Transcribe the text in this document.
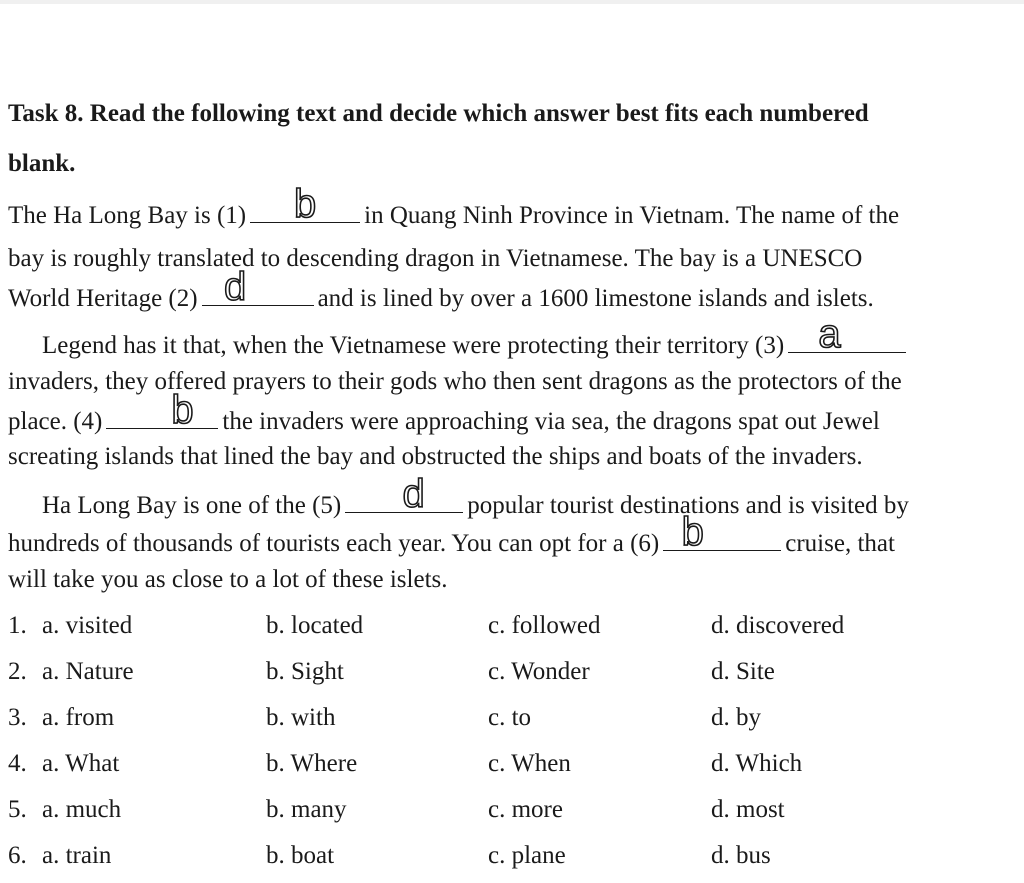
Task 8. Read the following text and decide which answer best fits each numbered
blank.
The Ha Long Bay is (1) b in Quang Ninh Province in Vietnam. The name of the
bay is roughly translated to descending dragon in Vietnamese. The bay is a UNESCO
World Heritage (2) d	and is lined by over a 1600 limestone islands and islets.
Legend has it that, when the Vietnamese were protecting their territory (3) a
invaders, they offered prayers to their gods who then sent dragons as the protectors of the
place. (4) b the invaders were approaching via sea, the dragons spat out Jewel
screating islands that lined the bay and obstructed the ships and boats of the invaders.
Ha Long Bay is one of the (5) d popular tourist destinations and is visited by
hundreds of thousands of tourists each year. You can opt for a (6) b	cruise, that
will take you as close to a lot of these islets.
1. a. visited	b. located	c. followed	d. discovered
2. a. Nature	b. Sight	c. Wonder	d. Site
3. a. from	b. with	c. to	d. by
4. a. What	b. Where	c. When	d. Which
5. a. much	b. many	c. more	d. most
6. a. train	b. boat	c. plane	d. bus
